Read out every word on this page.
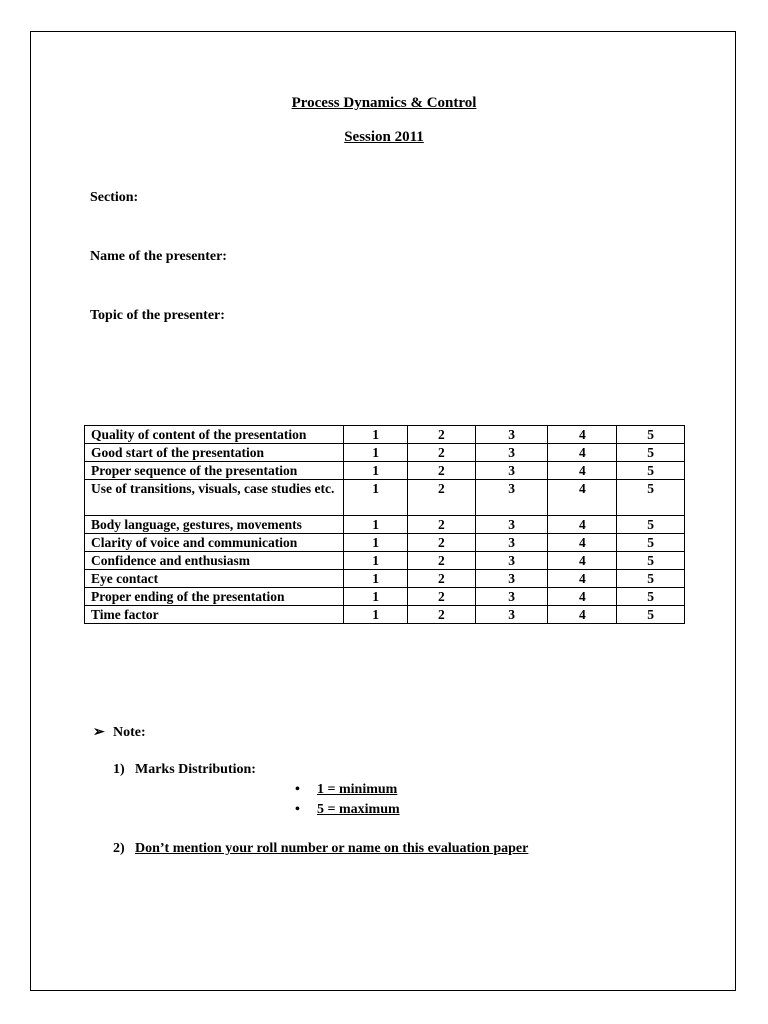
Process Dynamics & Control
Session 2011
Section:
Name of the presenter:
Topic of the presenter:
Quality of content of the presentation	1	2	3	4	5
Good start of the presentation	1	2	3	4	5
Proper sequence of the presentation	1	2	3	4	5
Use of transitions, visuals, case studies etc.	1	2	3	4	5
Body language, gestures, movements	1	2	3	4	5
Clarity of voice and communication	1	2	3	4	5
Confidence and enthusiasm	1	2	3	4	5
Eye contact	1	2	3	4	5
Proper ending of the presentation	1	2	3	4	5
Time factor	1	2	3	4	5
➢ Note:
1) Marks Distribution:
• 1 = minimum
• 5 = maximum
2) Don’t mention your roll number or name on this evaluation paper
